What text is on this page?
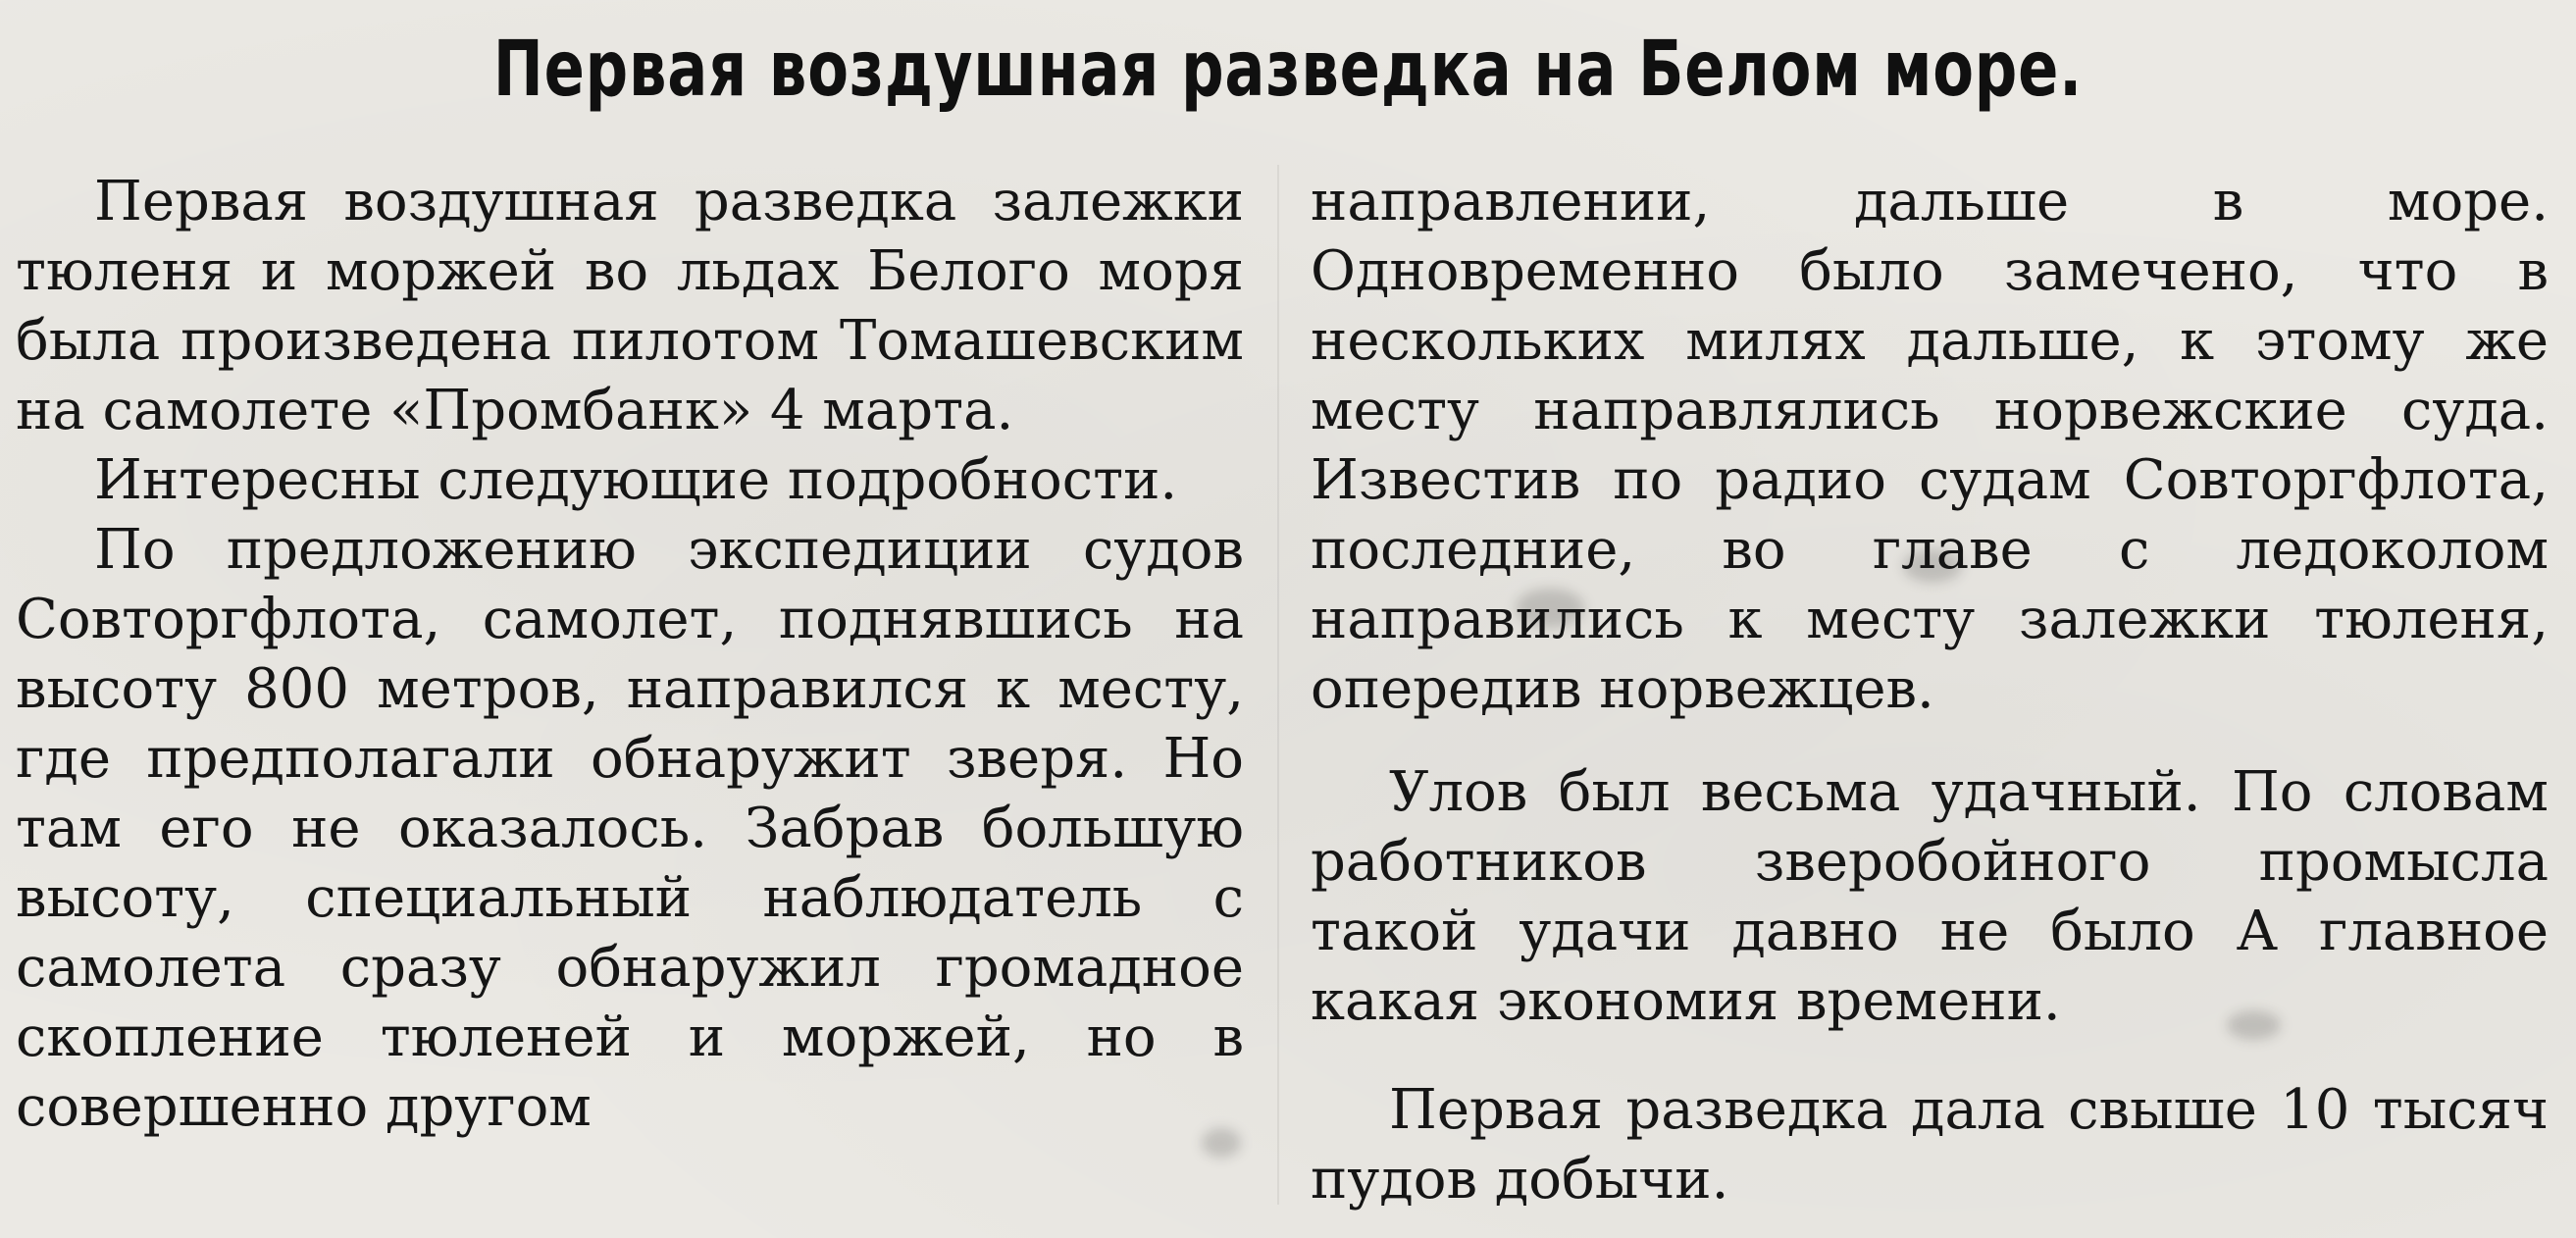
Первая воздушная разведка на Белом море.

Первая воздушная разведка залежки тюленя и моржей во льдах Белого моря была произведена пилотом Томашевским на самолете «Промбанк» 4 марта.

Интересны следующие подробности.

По предложению экспедиции судов Совторгфлота, самолет, поднявшись на высоту 800 метров, направился к месту, где предполагали обнаружит зверя. Но там его не оказалось. Забрав большую высоту, специальный наблюдатель с самолета сразу обнаружил громадное скопление тюленей и моржей, но в совершенно другом

направлении, дальше в море. Одновременно было замечено, что в нескольких милях дальше, к этому же месту направлялись норвежские суда. Известив по радио судам Совторгфлота, последние, во главе с ледоколом направились к месту залежки тюленя, опередив норвежцев.

Улов был весьма удачный. По словам работников зверобойного промысла такой удачи давно не было А главное какая экономия времени.

Первая разведка дала свыше 10 тысяч пудов добычи.
